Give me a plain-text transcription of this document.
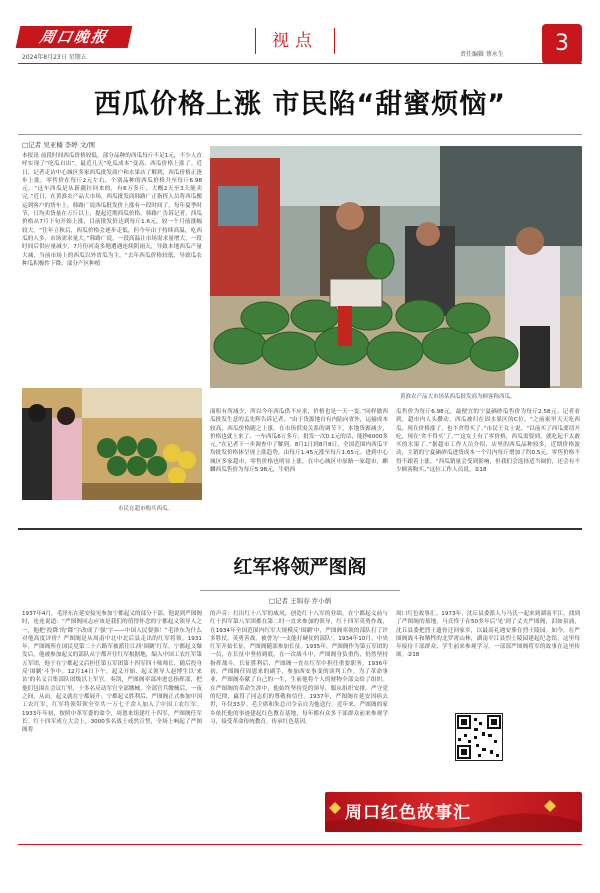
周口晚报
2024年8月23日 星期五
视点
责任编辑 蔡永生	3
西瓜价格上涨 市民陷“甜蜜烦恼”
□记者 吴亚楠 李婷 文/图
本报讯 前段时间西瓜价格较低，部分品种的西瓜每斤不足1元，不少人直呼实现了“吃瓜自由”。最近几天“吃瓜成本”变高，西瓜价格上涨了。近日，记者走访中心城区多家西瓜批发商户和水果店了解到，西瓜价格正逐步上涨，零售价在每斤2元左右，个别品种的西瓜价格升至每斤6.98元。“这车西瓜是从新疆拉回来的，有6万多斤，大概2天至3天能卖完。”近日，在黄淮农产品大市场，西瓜批发商韩路广正指挥人员将西瓜搬运到客户的货车上。韩路广说西瓜批发价上涨有一段时间了，每年夏季时节，日均卖货量在万斤以上，提起近期西瓜价格，韩路广告诉记者，西瓜价格从7月下旬开始上涨，目前批发价达到每斤1.6元，较一个月前涨幅较大。“往年立秋后，西瓜价格会逐步走低，但今年由于持续高温，吃西瓜的人多，市场需求量大。”韩路广说。一段高温让市场需求量增大，一段时间后供应量减少，7月份河南多地遭遇连续阴雨天，导致本地西瓜产量大减，当前市场上的西瓜以外省瓜为主。“去年西瓜价格较低，导致瓜农种瓜积极性下降，部分产区种植
黄淮农产品大市场某西瓜批发商为顾客称西瓜。
市民在超市购买西瓜。
面积有所减少，所以今年西瓜供不应求，价格也是一天一变。”同样做西瓜批发生意的孟先辉告诉记者，“由于货源地自有内陆向省外，运输成本较高，西瓜价格随之上涨。在市场供需关系的调节下，本地货源减少，价格也就上来了。一车西瓜6万多斤，批发一次0.1元的话，能挣6000多元。”在记者下一步调查中了解到，8月1日到8月8日，全国范围内西瓜平均批发价格体呈现上涨趋势，由每斤1.45元涨至每斤1.65元。进到中心城区多家超市，零售价格也明显上涨。在中心城区中原路一家超市，麒麟西瓜售价为每斤5.98元，牛奶西
瓜售价为每斤6.98元，最便宜的宁夏硒砂瓜售价为每斤2.58元。记者看到，超市内人头攒动，西瓜被归在固水果区的C位。“之前家里天天吃西瓜，现在价格涨了，也不舍得买了。”市民王女士说，“以前买了西瓜要切开吃，现在‘舍不得买’了。”“这女士有了零价格，西瓜需要到，就吃起不太敢买的水果了。”据超市工作人员介绍，店里的西瓜品种较多，近期价格波动，主销的宁夏硒砂瓜进货成本一个月内每斤增加了约0.5元，零售价格不得不跟着上涨。“西瓜销量会受到影响，但我们会选择适当调价，还会有不少顾客购买。”这位工作人员说。②18
红军将领严图阁
□记者 王锦春 乔小炳
1937年4月，毛泽东在延安接见参加宁都起义的部分干部。他说到严图阁时，连连说道：“严图阁同志应该是我们的值得怀念的宁都起义领导人之一，他把‘投降’的‘降’字改成了‘强’字——中国人民要强！”毛泽东为什么对他高度评价？严图阁是从周南中北中北后县走出的红军将领。1931年，严图阁所在国民党第二十六路军被派往江西‘围剿’红军。宁都起义爆发后，他被参加起义的部队从宁都开往红军根据地，编入中国工农红军第五军团，他于在宁都起义后担任第五军团第十四军四十师师长，随后投身反‘围剿’斗争中。12月14日下午，起义开始，起义领导人赵博生以‘来访’的名义召集部队团级以上军官。奏凯，严图阁率部冲进总指挥部，把他们包围在会议厅里，十多名反动军官全部缴械。全部官兵缴械后，一夜之间，从而，起义就在宁都展开。宁都起义胜利后，严图阁正式参加中国工农红军，红军将领带领全军共一万七千余人加入了中国工农红军。1933年年初，按照中革军委的命令，周恩来组建红十四军，严图阁任军长。红十四军成立大会上，3000多名战士戒然宣誓，全场上响起了严图阁将
的声音：打出红十八军的威风，创造红十八军的业绩。在宁都起义前与红十四军第八军团都在第二时一直来参加的领导，红十四军英勇作战，在1934年全国范围内红军大规模反‘围剿’中，严图阁率领的部队打了许多胜仗，英勇善战，被誉为‘一支能打硬仗的部队’。1934年10月，中央红军开始长征，严图阁随部参加长征。1935年，严图阁作为第五军团的一员，在长征中坚持到底。在一次战斗中，严图阁身负重伤，仍然坚持指挥战斗。长征胜利后，严图阁一直在红军中担任重要职务。1936年初，严图阁任周恩来的副手，参加西安事变的谈判工作。为了革命事业，严图阁奉献了自己的一生，生前他将个人的财物全部交给了组织。在严图阁的革命生涯中，他始终坚持党的领导，服从组织安排，严守党的纪律，赢得了同志们的尊敬和信任。1937年，严图阁在延安因病去世，年仅33岁。毛主席和朱总司令亲自为他送行。近年来，严图阁的家乡依托他的事迹建起红色教育基地，每年都有众多干部群众前来参观学习，接受革命传统教育，传承红色基因。
周口红色故事汇。1973年，沈丘县委派人与马氏一起来到湖南平江，找到了严图阁的墓地。马氏终于在50多年后‘见’到了丈夫严图阁，泪如泉涌，沈丘县委把烈士遗骨迁回家乡，以最高礼遇安葬在烈士陵园。如今，在严图阁战斗和牺牲的北罗霄山林，湖南平江县烈士陵园建起纪念馆，这里每年接待干部群众、学生前来参观学习，一部部严图阁将军的故事在这里传颂。②18
周口红色故事汇
